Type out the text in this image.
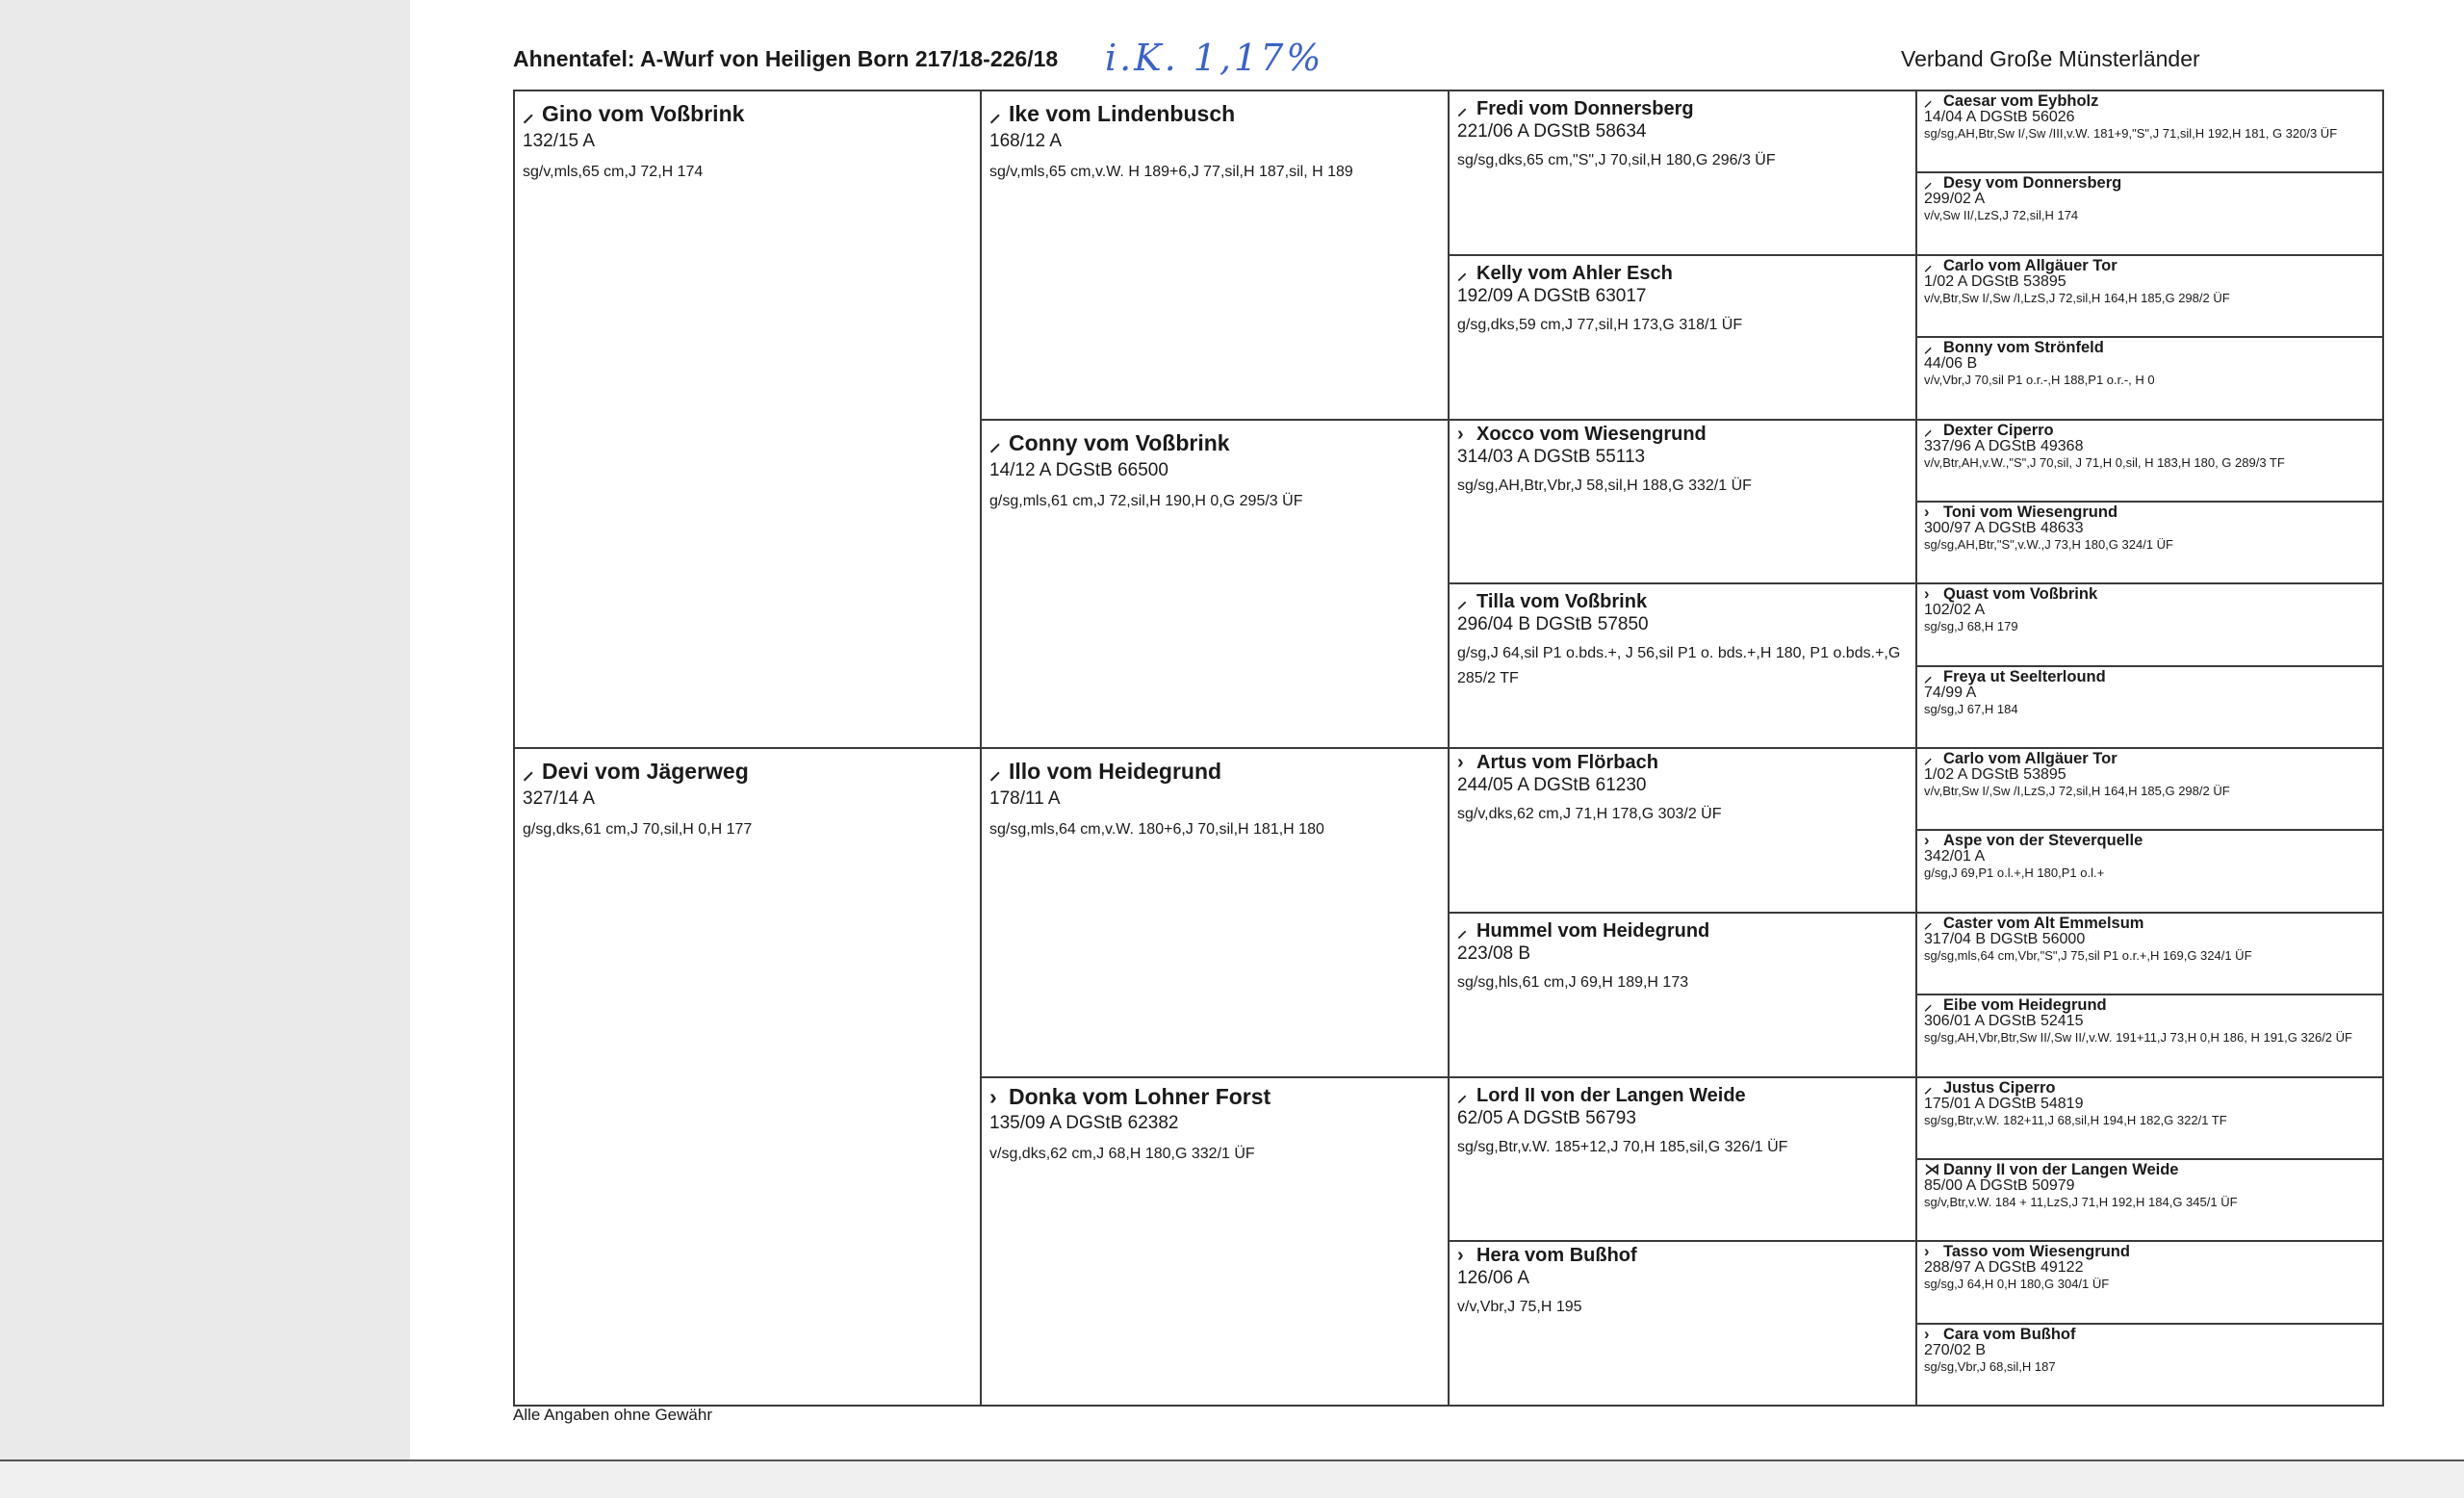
Ahnentafel: A-Wurf von Heiligen Born 217/18-226/18 i.K. 1,17%	Verband Große Münsterländer
⸝ Gino vom Voßbrink
132/15 A
sg/v,mls,65 cm,J 72,H 174
⸝ Devi vom Jägerweg
327/14 A
g/sg,dks,61 cm,J 70,sil,H 0,H 177
⸝ Ike vom Lindenbusch
168/12 A
sg/v,mls,65 cm,v.W. H 189+6,J 77,sil,H 187,sil, H 189
⸝ Conny vom Voßbrink
14/12 A DGStB 66500
g/sg,mls,61 cm,J 72,sil,H 190,H 0,G 295/3 ÜF
⸝ Illo vom Heidegrund
178/11 A
sg/sg,mls,64 cm,v.W. 180+6,J 70,sil,H 181,H 180
› Donka vom Lohner Forst
135/09 A DGStB 62382
v/sg,dks,62 cm,J 68,H 180,G 332/1 ÜF
⸝ Fredi vom Donnersberg
221/06 A DGStB 58634
sg/sg,dks,65 cm,"S",J 70,sil,H 180,G 296/3 ÜF
⸝ Kelly vom Ahler Esch
192/09 A DGStB 63017
g/sg,dks,59 cm,J 77,sil,H 173,G 318/1 ÜF
› Xocco vom Wiesengrund
314/03 A DGStB 55113
sg/sg,AH,Btr,Vbr,J 58,sil,H 188,G 332/1 ÜF
⸝ Tilla vom Voßbrink
296/04 B DGStB 57850
g/sg,J 64,sil P1 o.bds.+, J 56,sil P1 o. bds.+,H 180, P1 o.bds.+,G 285/2 TF
› Artus vom Flörbach
244/05 A DGStB 61230
sg/v,dks,62 cm,J 71,H 178,G 303/2 ÜF
⸝ Hummel vom Heidegrund
223/08 B
sg/sg,hls,61 cm,J 69,H 189,H 173
⸝ Lord II von der Langen Weide
62/05 A DGStB 56793
sg/sg,Btr,v.W. 185+12,J 70,H 185,sil,G 326/1 ÜF
› Hera vom Bußhof
126/06 A
v/v,Vbr,J 75,H 195
⸝ Caesar vom Eybholz
14/04 A DGStB 56026
sg/sg,AH,Btr,Sw I/,Sw /III,v.W. 181+9,"S",J 71,sil,H 192,H 181, G 320/3 ÜF
⸝ Desy vom Donnersberg
299/02 A
v/v,Sw II/,LzS,J 72,sil,H 174
⸝ Carlo vom Allgäuer Tor
1/02 A DGStB 53895
v/v,Btr,Sw I/,Sw /I,LzS,J 72,sil,H 164,H 185,G 298/2 ÜF
⸝ Bonny vom Strönfeld
44/06 B
v/v,Vbr,J 70,sil P1 o.r.-,H 188,P1 o.r.-, H 0
⸝ Dexter Ciperro
337/96 A DGStB 49368
v/v,Btr,AH,v.W.,"S",J 70,sil, J 71,H 0,sil, H 183,H 180, G 289/3 TF
› Toni vom Wiesengrund
300/97 A DGStB 48633
sg/sg,AH,Btr,"S",v.W.,J 73,H 180,G 324/1 ÜF
› Quast vom Voßbrink
102/02 A
sg/sg,J 68,H 179
⸝ Freya ut Seelterlound
74/99 A
sg/sg,J 67,H 184
⸝ Carlo vom Allgäuer Tor
1/02 A DGStB 53895
v/v,Btr,Sw I/,Sw /I,LzS,J 72,sil,H 164,H 185,G 298/2 ÜF
› Aspe von der Steverquelle
342/01 A
g/sg,J 69,P1 o.l.+,H 180,P1 o.l.+
⸝ Caster vom Alt Emmelsum
317/04 B DGStB 56000
sg/sg,mls,64 cm,Vbr,"S",J 75,sil P1 o.r.+,H 169,G 324/1 ÜF
⸝ Eibe vom Heidegrund
306/01 A DGStB 52415
sg/sg,AH,Vbr,Btr,Sw II/,Sw II/,v.W. 191+11,J 73,H 0,H 186, H 191,G 326/2 ÜF
⸝ Justus Ciperro
175/01 A DGStB 54819
sg/sg,Btr,v.W. 182+11,J 68,sil,H 194,H 182,G 322/1 TF
⋊ Danny II von der Langen Weide
85/00 A DGStB 50979
sg/v,Btr,v.W. 184 + 11,LzS,J 71,H 192,H 184,G 345/1 ÜF
› Tasso vom Wiesengrund
288/97 A DGStB 49122
sg/sg,J 64,H 0,H 180,G 304/1 ÜF
› Cara vom Bußhof
270/02 B
sg/sg,Vbr,J 68,sil,H 187
Alle Angaben ohne Gewähr
